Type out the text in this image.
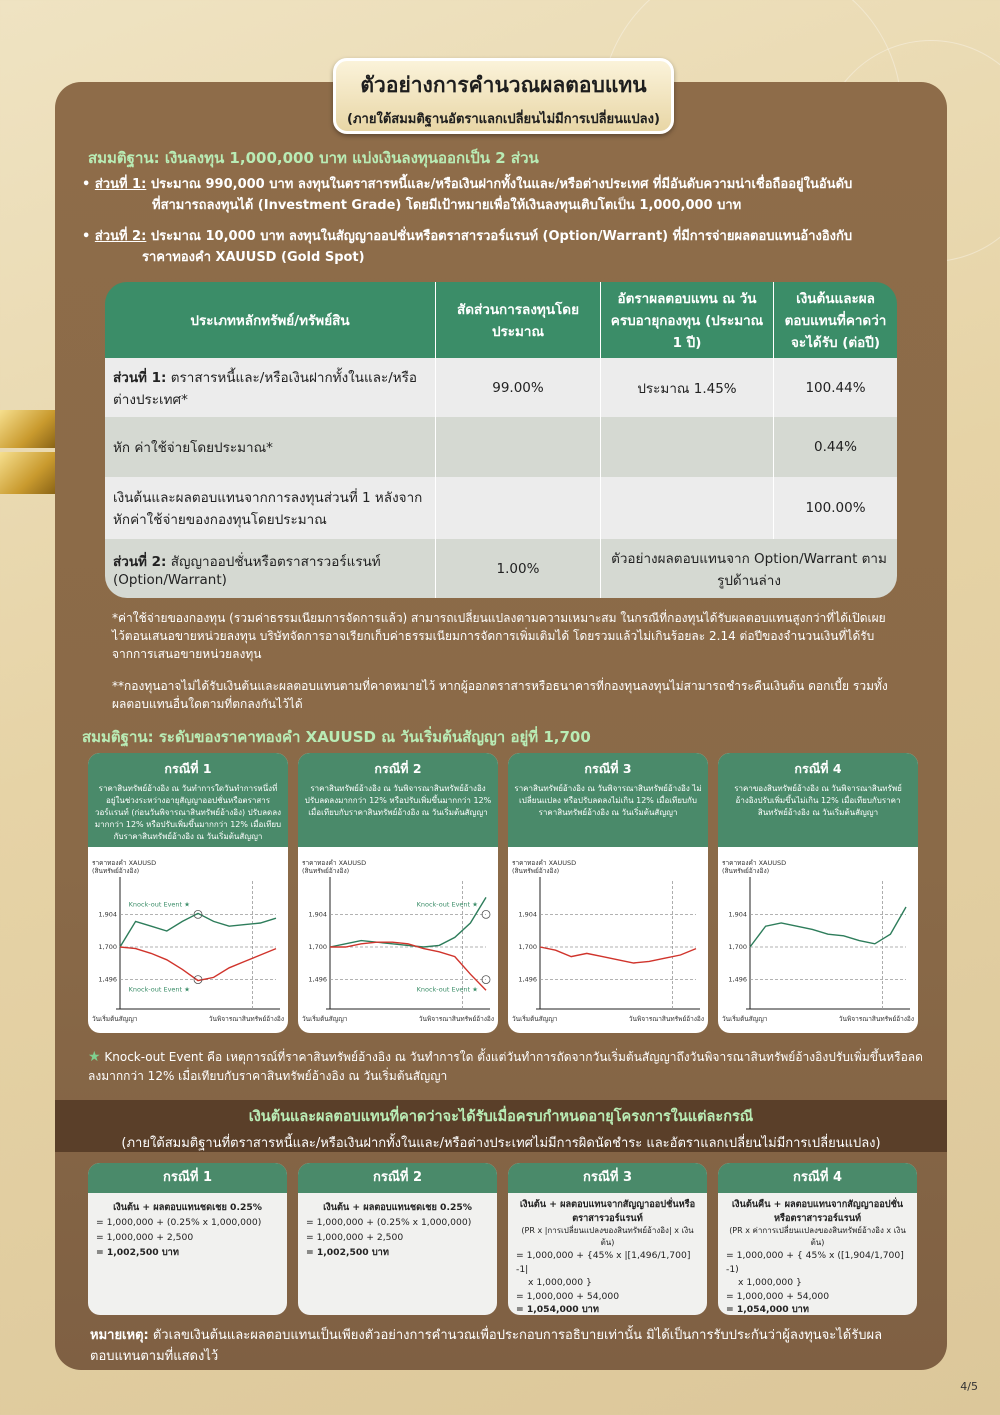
ตัวอย่างการคำนวณผลตอบแทน
(ภายใต้สมมติฐานอัตราแลกเปลี่ยนไม่มีการเปลี่ยนแปลง)
สมมติฐาน: เงินลงทุน 1,000,000 บาท แบ่งเงินลงทุนออกเป็น 2 ส่วน
• ส่วนที่ 1: ประมาณ 990,000 บาท ลงทุนในตราสารหนี้และ/หรือเงินฝากทั้งในและ/หรือต่างประเทศ ที่มีอันดับความน่าเชื่อถืออยู่ในอันดับ
ที่สามารถลงทุนได้ (Investment Grade) โดยมีเป้าหมายเพื่อให้เงินลงทุนเติบโตเป็น 1,000,000 บาท
• ส่วนที่ 2: ประมาณ 10,000 บาท ลงทุนในสัญญาออปชั่นหรือตราสารวอร์แรนท์ (Option/Warrant) ที่มีการจ่ายผลตอบแทนอ้างอิงกับ
ราคาทองคำ XAUUSD (Gold Spot)
ประเภทหลักทรัพย์/ทรัพย์สิน	สัดส่วนการลงทุนโดยประมาณ	อัตราผลตอบแทน ณ วันครบอายุกองทุน (ประมาณ 1 ปี)	เงินต้นและผลตอบแทนที่คาดว่าจะได้รับ (ต่อปี)
ส่วนที่ 1: ตราสารหนี้และ/หรือเงินฝากทั้งในและ/หรือต่างประเทศ*	99.00%	ประมาณ 1.45%	100.44%
หัก ค่าใช้จ่ายโดยประมาณ*			0.44%
เงินต้นและผลตอบแทนจากการลงทุนส่วนที่ 1 หลังจากหักค่าใช้จ่ายของกองทุนโดยประมาณ			100.00%
ส่วนที่ 2: สัญญาออปชั่นหรือตราสารวอร์แรนท์ (Option/Warrant)	1.00%	ตัวอย่างผลตอบแทนจาก Option/Warrant ตามรูปด้านล่าง	
*ค่าใช้จ่ายของกองทุน (รวมค่าธรรมเนียมการจัดการแล้ว) สามารถเปลี่ยนแปลงตามความเหมาะสม ในกรณีที่กองทุนได้รับผลตอบแทนสูงกว่าที่ได้เปิดเผยไว้ตอนเสนอขายหน่วยลงทุน บริษัทจัดการอาจเรียกเก็บค่าธรรมเนียมการจัดการเพิ่มเติมได้ โดยรวมแล้วไม่เกินร้อยละ 2.14 ต่อปีของจำนวนเงินที่ได้รับจากการเสนอขายหน่วยลงทุน
**กองทุนอาจไม่ได้รับเงินต้นและผลตอบแทนตามที่คาดหมายไว้ หากผู้ออกตราสารหรือธนาคารที่กองทุนลงทุนไม่สามารถชำระคืนเงินต้น ดอกเบี้ย รวมทั้งผลตอบแทนอื่นใดตามที่ตกลงกันไว้ได้
สมมติฐาน: ระดับของราคาทองคำ XAUUSD ณ วันเริ่มต้นสัญญา อยู่ที่ 1,700
กรณีที่ 1
ราคาสินทรัพย์อ้างอิง ณ วันทำการใดวันทำการหนึ่งที่อยู่ในช่วงระหว่างอายุสัญญาออปชั่นหรือตราสารวอร์แรนท์ (ก่อนวันพิจารณาสินทรัพย์อ้างอิง) ปรับลดลงมากกว่า 12% หรือปรับเพิ่มขึ้นมากกว่า 12% เมื่อเทียบกับราคาสินทรัพย์อ้างอิง ณ วันเริ่มต้นสัญญา
ราคาทองคำ XAUUSD
(สินทรัพย์อ้างอิง)
1,496
1,700
1,904
วันเริ่มต้นสัญญา	วันพิจารณาสินทรัพย์อ้างอิง
Knock-out Event ★
Knock-out Event ★
กรณีที่ 2
ราคาสินทรัพย์อ้างอิง ณ วันพิจารณาสินทรัพย์อ้างอิงปรับลดลงมากกว่า 12% หรือปรับเพิ่มขึ้นมากกว่า 12% เมื่อเทียบกับราคาสินทรัพย์อ้างอิง ณ วันเริ่มต้นสัญญา
ราคาทองคำ XAUUSD
(สินทรัพย์อ้างอิง)
1,496
1,700
1,904
วันเริ่มต้นสัญญา	วันพิจารณาสินทรัพย์อ้างอิง
Knock-out Event ★
Knock-out Event ★
กรณีที่ 3
ราคาสินทรัพย์อ้างอิง ณ วันพิจารณาสินทรัพย์อ้างอิง ไม่เปลี่ยนแปลง หรือปรับลดลงไม่เกิน 12% เมื่อเทียบกับราคาสินทรัพย์อ้างอิง ณ วันเริ่มต้นสัญญา
ราคาทองคำ XAUUSD
(สินทรัพย์อ้างอิง)
1,496
1,700
1,904
วันเริ่มต้นสัญญา	วันพิจารณาสินทรัพย์อ้างอิง
กรณีที่ 4
ราคาของสินทรัพย์อ้างอิง ณ วันพิจารณาสินทรัพย์อ้างอิงปรับเพิ่มขึ้นไม่เกิน 12% เมื่อเทียบกับราคาสินทรัพย์อ้างอิง ณ วันเริ่มต้นสัญญา
ราคาทองคำ XAUUSD
(สินทรัพย์อ้างอิง)
1,496
1,700
1,904
วันเริ่มต้นสัญญา	วันพิจารณาสินทรัพย์อ้างอิง
★ Knock-out Event คือ เหตุการณ์ที่ราคาสินทรัพย์อ้างอิง ณ วันทำการใด ตั้งแต่วันทำการถัดจากวันเริ่มต้นสัญญาถึงวันพิจารณาสินทรัพย์อ้างอิงปรับเพิ่มขึ้นหรือลดลงมากกว่า 12% เมื่อเทียบกับราคาสินทรัพย์อ้างอิง ณ วันเริ่มต้นสัญญา
เงินต้นและผลตอบแทนที่คาดว่าจะได้รับเมื่อครบกำหนดอายุโครงการในแต่ละกรณี
(ภายใต้สมมติฐานที่ตราสารหนี้และ/หรือเงินฝากทั้งในและ/หรือต่างประเทศไม่มีการผิดนัดชำระ และอัตราแลกเปลี่ยนไม่มีการเปลี่ยนแปลง)
กรณีที่ 1
เงินต้น + ผลตอบแทนชดเชย 0.25%
= 1,000,000 + (0.25% x 1,000,000)
= 1,000,000 + 2,500
= 1,002,500 บาท
กรณีที่ 2
เงินต้น + ผลตอบแทนชดเชย 0.25%
= 1,000,000 + (0.25% x 1,000,000)
= 1,000,000 + 2,500
= 1,002,500 บาท
กรณีที่ 3
เงินต้น + ผลตอบแทนจากสัญญาออปชั่นหรือตราสารวอร์แรนท์
(PR x |การเปลี่ยนแปลงของสินทรัพย์อ้างอิง| x เงินต้น)
= 1,000,000 + {45% x |[1,496/1,700] -1|
x 1,000,000 }
= 1,000,000 + 54,000
= 1,054,000 บาท
กรณีที่ 4
เงินต้นคืน + ผลตอบแทนจากสัญญาออปชั่นหรือตราสารวอร์แรนท์
(PR x ค่าการเปลี่ยนแปลงของสินทรัพย์อ้างอิง x เงินต้น)
= 1,000,000 + { 45% x ([1,904/1,700] -1)
x 1,000,000 }
= 1,000,000 + 54,000
= 1,054,000 บาท
หมายเหตุ: ตัวเลขเงินต้นและผลตอบแทนเป็นเพียงตัวอย่างการคำนวณเพื่อประกอบการอธิบายเท่านั้น มิได้เป็นการรับประกันว่าผู้ลงทุนจะได้รับผลตอบแทนตามที่แสดงไว้
4/5
